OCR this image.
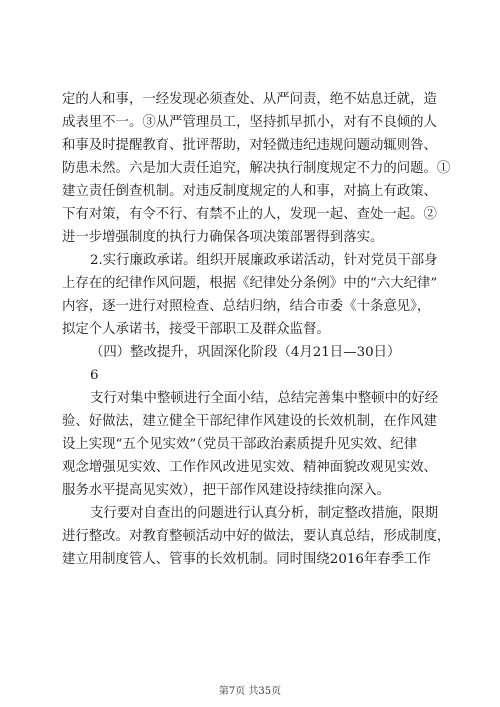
定的人和事，一经发现必须查处、从严问责，绝不姑息迁就，造
成表里不一。③从严管理员工，坚持抓早抓小，对有不良倾的人
和事及时提醒教育、批评帮助，对轻微违纪违规问题动辄则咎、
防患未然。六是加大责任追究，解决执行制度规定不力的问题。①
建立责任倒查机制。对违反制度规定的人和事，对搞上有政策、
下有对策，有令不行、有禁不止的人，发现一起、查处一起。②
进一步增强制度的执行力确保各项决策部署得到落实。
2.实行廉政承诺。组织开展廉政承诺活动，针对党员干部身
上存在的纪律作风问题，根据《纪律处分条例》中的“六大纪律”
内容，逐一进行对照检查、总结归纳，结合市委《十条意见》，
拟定个人承诺书，接受干部职工及群众监督。
（四）整改提升，巩固深化阶段（4月21日—30日）
6
支行对集中整顿进行全面小结，总结完善集中整顿中的好经
验、好做法，建立健全干部纪律作风建设的长效机制，在作风建
设上实现“五个见实效”（党员干部政治素质提升见实效、纪律
观念增强见实效、工作作风改进见实效、精神面貌改观见实效、
服务水平提高见实效），把干部作风建设持续推向深入。
支行要对自查出的问题进行认真分析，制定整改措施，限期
进行整改。对教育整顿活动中好的做法，要认真总结，形成制度，
建立用制度管人、管事的长效机制。同时围绕2016年春季工作
第7页 共35页
